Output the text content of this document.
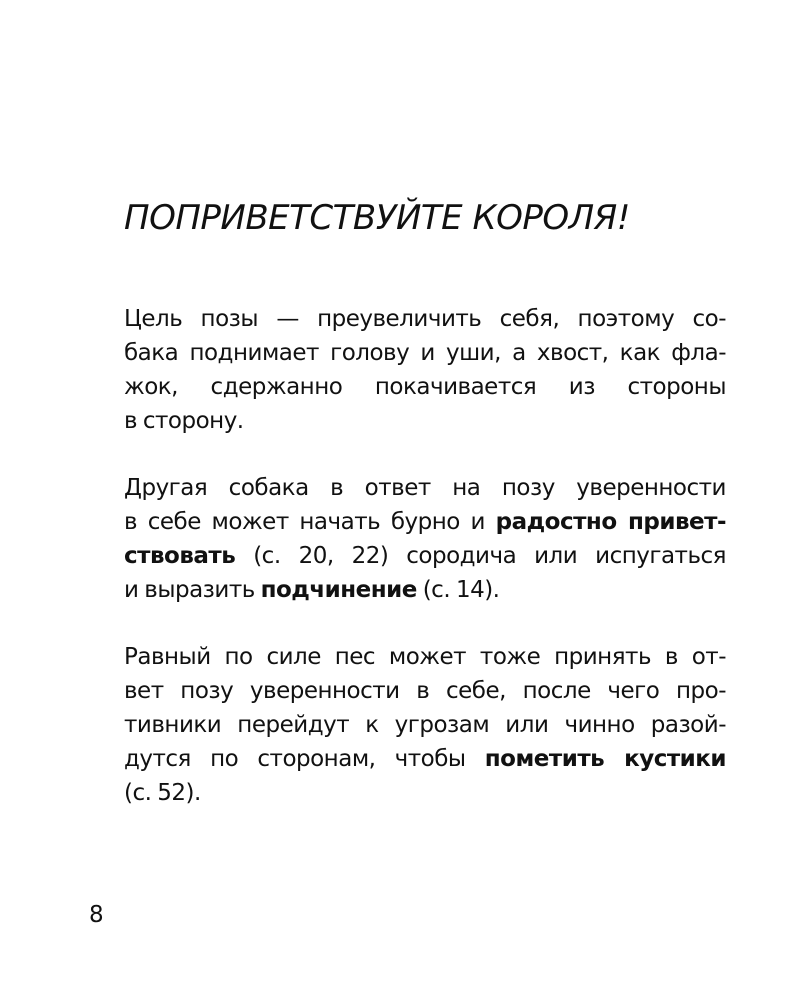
ПОПРИВЕТСТВУЙТЕ КОРОЛЯ!

Цель позы — преувеличить себя, поэтому со-
бака поднимает голову и уши, а хвост, как фла-
жок, сдержанно покачивается из стороны
в сторону.

Другая собака в ответ на позу уверенности
в себе может начать бурно и радостно привет-
ствовать (с. 20, 22) сородича или испугаться
и выразить подчинение (с. 14).

Равный по силе пес может тоже принять в от-
вет позу уверенности в себе, после чего про-
тивники перейдут к угрозам или чинно разой-
дутся по сторонам, чтобы пометить кустики
(с. 52).

8
